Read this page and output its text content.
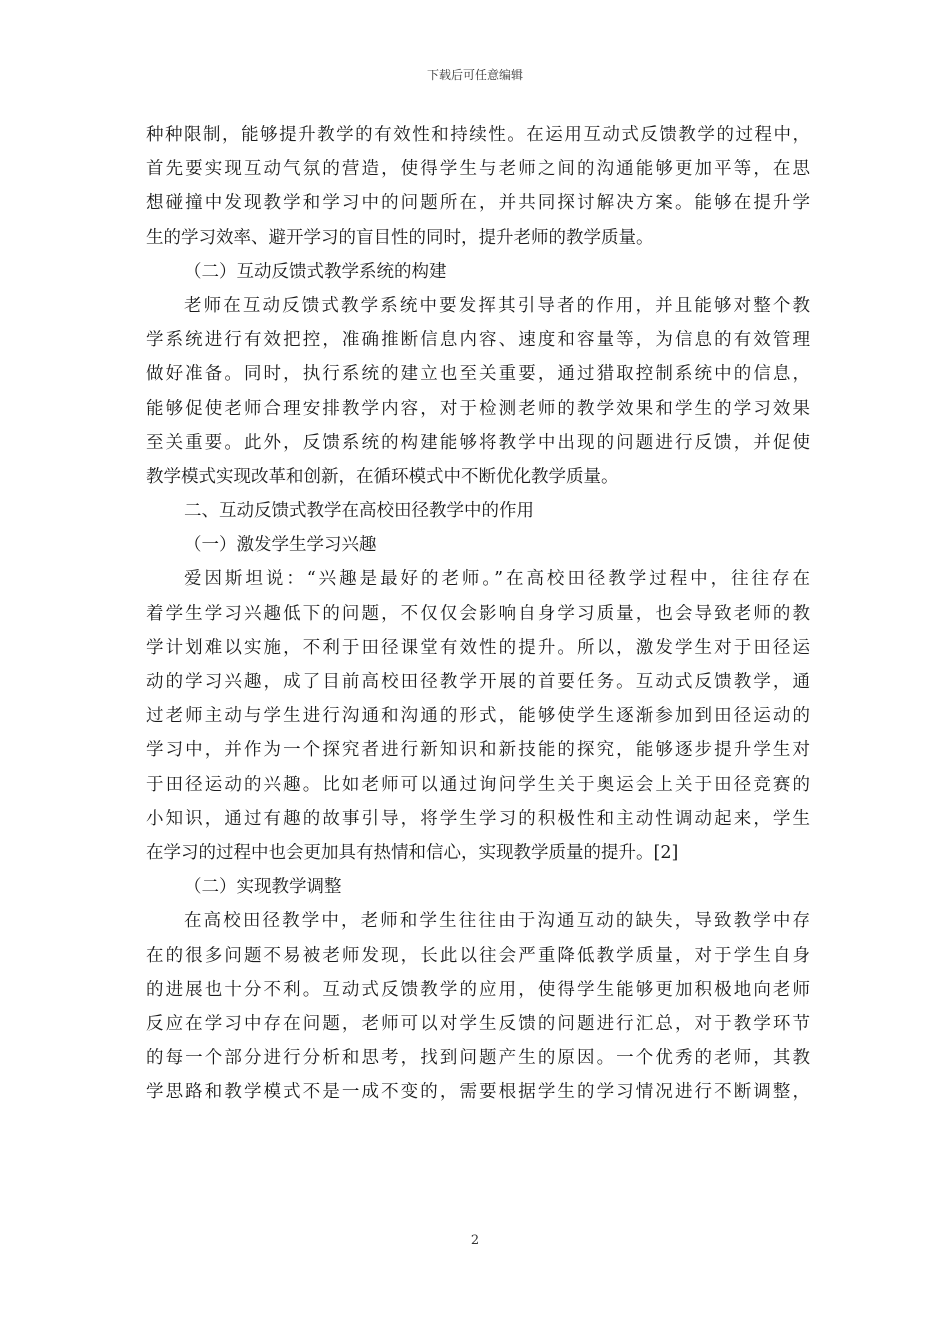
下载后可任意编辑
种种限制，能够提升教学的有效性和持续性。在运用互动式反馈教学的过程中，
首先要实现互动气氛的营造，使得学生与老师之间的沟通能够更加平等，在思
想碰撞中发现教学和学习中的问题所在，并共同探讨解决方案。能够在提升学
生的学习效率、避开学习的盲目性的同时，提升老师的教学质量。
（二）互动反馈式教学系统的构建
老师在互动反馈式教学系统中要发挥其引导者的作用，并且能够对整个教
学系统进行有效把控，准确推断信息内容、速度和容量等，为信息的有效管理
做好准备。同时，执行系统的建立也至关重要，通过猎取控制系统中的信息，
能够促使老师合理安排教学内容，对于检测老师的教学效果和学生的学习效果
至关重要。此外，反馈系统的构建能够将教学中出现的问题进行反馈，并促使
教学模式实现改革和创新，在循环模式中不断优化教学质量。
二、互动反馈式教学在高校田径教学中的作用
（一）激发学生学习兴趣
爱因斯坦说：“兴趣是最好的老师。”在高校田径教学过程中，往往存在
着学生学习兴趣低下的问题，不仅仅会影响自身学习质量，也会导致老师的教
学计划难以实施，不利于田径课堂有效性的提升。所以，激发学生对于田径运
动的学习兴趣，成了目前高校田径教学开展的首要任务。互动式反馈教学，通
过老师主动与学生进行沟通和沟通的形式，能够使学生逐渐参加到田径运动的
学习中，并作为一个探究者进行新知识和新技能的探究，能够逐步提升学生对
于田径运动的兴趣。比如老师可以通过询问学生关于奥运会上关于田径竞赛的
小知识，通过有趣的故事引导，将学生学习的积极性和主动性调动起来，学生
在学习的过程中也会更加具有热情和信心，实现教学质量的提升。[2]
（二）实现教学调整
在高校田径教学中，老师和学生往往由于沟通互动的缺失，导致教学中存
在的很多问题不易被老师发现，长此以往会严重降低教学质量，对于学生自身
的进展也十分不利。互动式反馈教学的应用，使得学生能够更加积极地向老师
反应在学习中存在问题，老师可以对学生反馈的问题进行汇总，对于教学环节
的每一个部分进行分析和思考，找到问题产生的原因。一个优秀的老师，其教
学思路和教学模式不是一成不变的，需要根据学生的学习情况进行不断调整，
2
